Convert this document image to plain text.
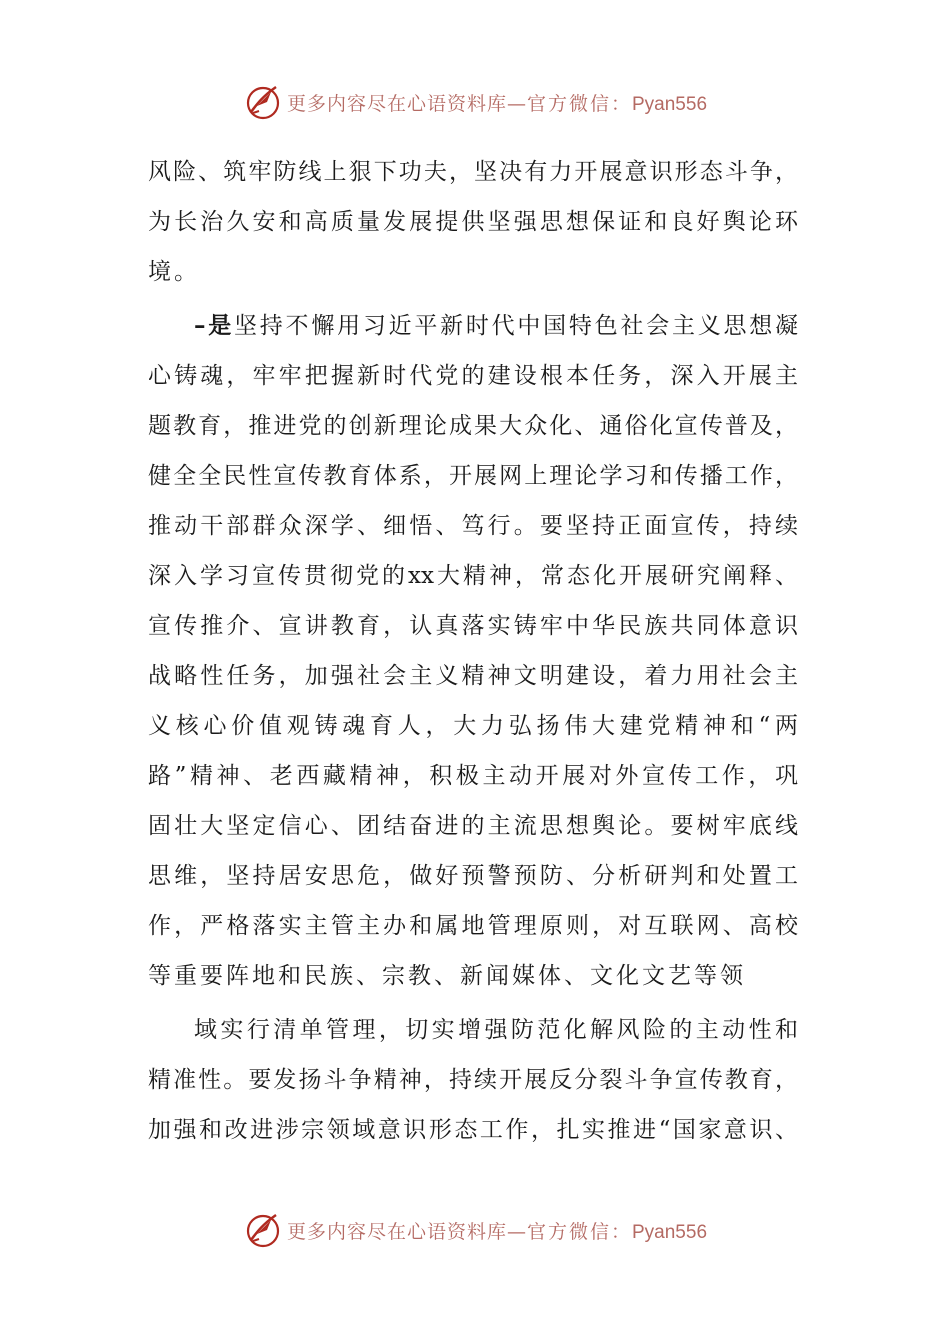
更多内容尽在心语资料库—官方微信：Pyan556
风险、筑牢防线上狠下功夫，坚决有力开展意识形态斗争，
为长治久安和高质量发展提供坚强思想保证和良好舆论环
境。
–是坚持不懈用习近平新时代中国特色社会主义思想凝
心铸魂，牢牢把握新时代党的建设根本任务，深入开展主
题教育，推进党的创新理论成果大众化、通俗化宣传普及，
健全全民性宣传教育体系，开展网上理论学习和传播工作，
推动干部群众深学、细悟、笃行。要坚持正面宣传，持续
深入学习宣传贯彻党的xx大精神，常态化开展研究阐释、
宣传推介、宣讲教育，认真落实铸牢中华民族共同体意识
战略性任务，加强社会主义精神文明建设，着力用社会主
义核心价值观铸魂育人，大力弘扬伟大建党精神和“两
路”精神、老西藏精神，积极主动开展对外宣传工作，巩
固壮大坚定信心、团结奋进的主流思想舆论。要树牢底线
思维，坚持居安思危，做好预警预防、分析研判和处置工
作，严格落实主管主办和属地管理原则，对互联网、高校
等重要阵地和民族、宗教、新闻媒体、文化文艺等领
域实行清单管理，切实增强防范化解风险的主动性和
精准性。要发扬斗争精神，持续开展反分裂斗争宣传教育，
加强和改进涉宗领域意识形态工作，扎实推进“国家意识、
更多内容尽在心语资料库—官方微信：Pyan556
